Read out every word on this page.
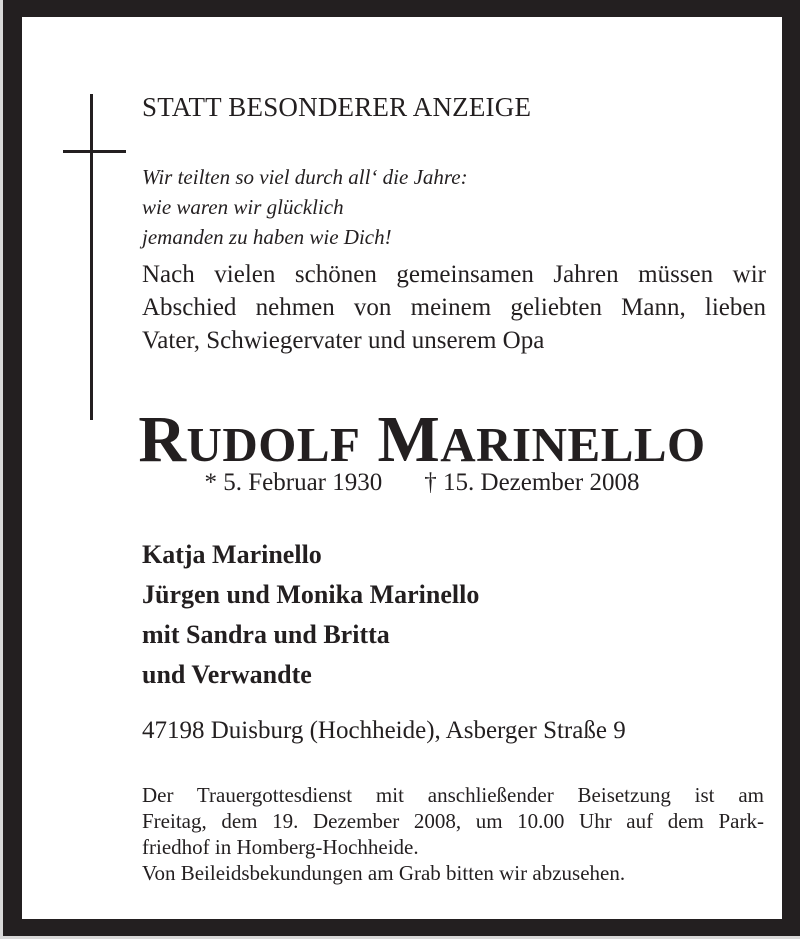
STATT BESONDERER ANZEIGE
Wir teilten so viel durch all‘ die Jahre:
wie waren wir glücklich
jemanden zu haben wie Dich!
Nach vielen schönen gemeinsamen Jahren müssen wir
Abschied nehmen von meinem geliebten Mann, lieben
Vater, Schwiegervater und unserem Opa
RUDOLF MARINELLO
* 5. Februar 1930 † 15. Dezember 2008
Katja Marinello
Jürgen und Monika Marinello
mit Sandra und Britta
und Verwandte
47198 Duisburg (Hochheide), Asberger Straße 9
Der Trauergottesdienst mit anschließender Beisetzung ist am
Freitag, dem 19. Dezember 2008, um 10.00 Uhr auf dem Park-
friedhof in Homberg-Hochheide.
Von Beileidsbekundungen am Grab bitten wir abzusehen.
